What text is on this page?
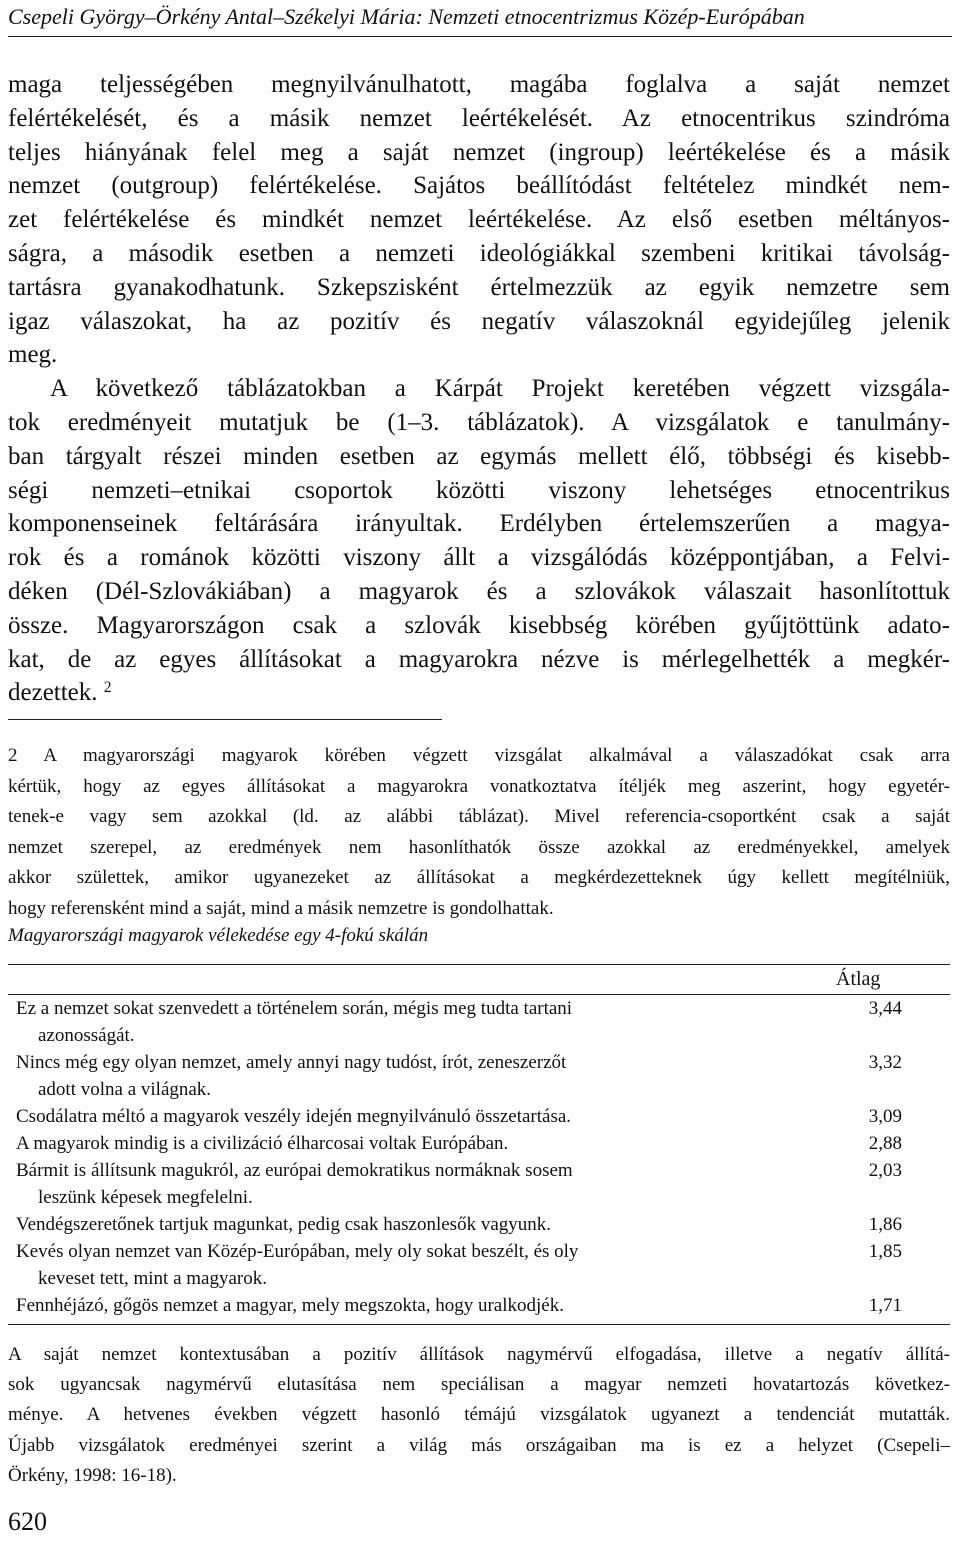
Csepeli György–Örkény Antal–Székelyi Mária: Nemzeti etnocentrizmus Közép-Európában

maga teljességében megnyilvánulhatott, magába foglalva a saját nemzet

felértékelését, és a másik nemzet leértékelését. Az etnocentrikus szindróma

teljes hiányának felel meg a saját nemzet (ingroup) leértékelése és a másik

nemzet (outgroup) felértékelése. Sajátos beállítódást feltételez mindkét nem-

zet felértékelése és mindkét nemzet leértékelése. Az első esetben méltányos-

ságra, a második esetben a nemzeti ideológiákkal szembeni kritikai távolság-

tartásra gyanakodhatunk. Szkepszisként értelmezzük az egyik nemzetre sem

igaz válaszokat, ha az pozitív és negatív válaszoknál egyidejűleg jelenik

meg.

A következő táblázatokban a Kárpát Projekt keretében végzett vizsgála-

tok eredményeit mutatjuk be (1–3. táblázatok). A vizsgálatok e tanulmány-

ban tárgyalt részei minden esetben az egymás mellett élő, többségi és kisebb-

ségi nemzeti–etnikai csoportok közötti viszony lehetséges etnocentrikus

komponenseinek feltárására irányultak. Erdélyben értelemszerűen a magya-

rok és a románok közötti viszony állt a vizsgálódás középpontjában, a Felvi-

déken (Dél-Szlovákiában) a magyarok és a szlovákok válaszait hasonlítottuk

össze. Magyarországon csak a szlovák kisebbség körében gyűjtöttünk adato-

kat, de az egyes állításokat a magyarokra nézve is mérlegelhették a megkér-

dezettek. $^2$

2 A magyarországi magyarok körében végzett vizsgálat alkalmával a válaszadókat csak arra
kértük, hogy az egyes állításokat a magyarokra vonatkoztatva ítéljék meg aszerint, hogy egyetér-
tenek-e vagy sem azokkal (ld. az alábbi táblázat). Mivel referencia-csoportként csak a saját
nemzet szerepel, az eredmények nem hasonlíthatók össze azokkal az eredményekkel, amelyek
akkor születtek, amikor ugyanezeket az állításokat a megkérdezetteknek úgy kellett megítélniük,
hogy referensként mind a saját, mind a másik nemzetre is gondolhattak.
Magyarországi magyarok vélekedése egy 4-fokú skálán
Átlag
Ez a nemzet sokat szenvedett a történelem során, mégis meg tudta tartani	3,44
azonosságát.
Nincs még egy olyan nemzet, amely annyi nagy tudóst, írót, zeneszerzőt	3,32
adott volna a világnak.
Csodálatra méltó a magyarok veszély idején megnyilvánuló összetartása.	3,09
A magyarok mindig is a civilizáció élharcosai voltak Európában.	2,88
Bármit is állítsunk magukról, az európai demokratikus normáknak sosem	2,03
leszünk képesek megfelelni.
Vendégszeretőnek tartjuk magunkat, pedig csak haszonlesők vagyunk.	1,86
Kevés olyan nemzet van Közép-Európában, mely oly sokat beszélt, és oly	1,85
keveset tett, mint a magyarok.
Fennhéjázó, gőgös nemzet a magyar, mely megszokta, hogy uralkodjék.	1,71

A saját nemzet kontextusában a pozitív állítások nagymérvű elfogadása, illetve a negatív állítá-

sok ugyancsak nagymérvű elutasítása nem speciálisan a magyar nemzeti hovatartozás következ-

ménye. A hetvenes években végzett hasonló témájú vizsgálatok ugyanezt a tendenciát mutatták.

Újabb vizsgálatok eredményei szerint a világ más országaiban ma is ez a helyzet (Csepeli–

Örkény, 1998: 16-18).

620
